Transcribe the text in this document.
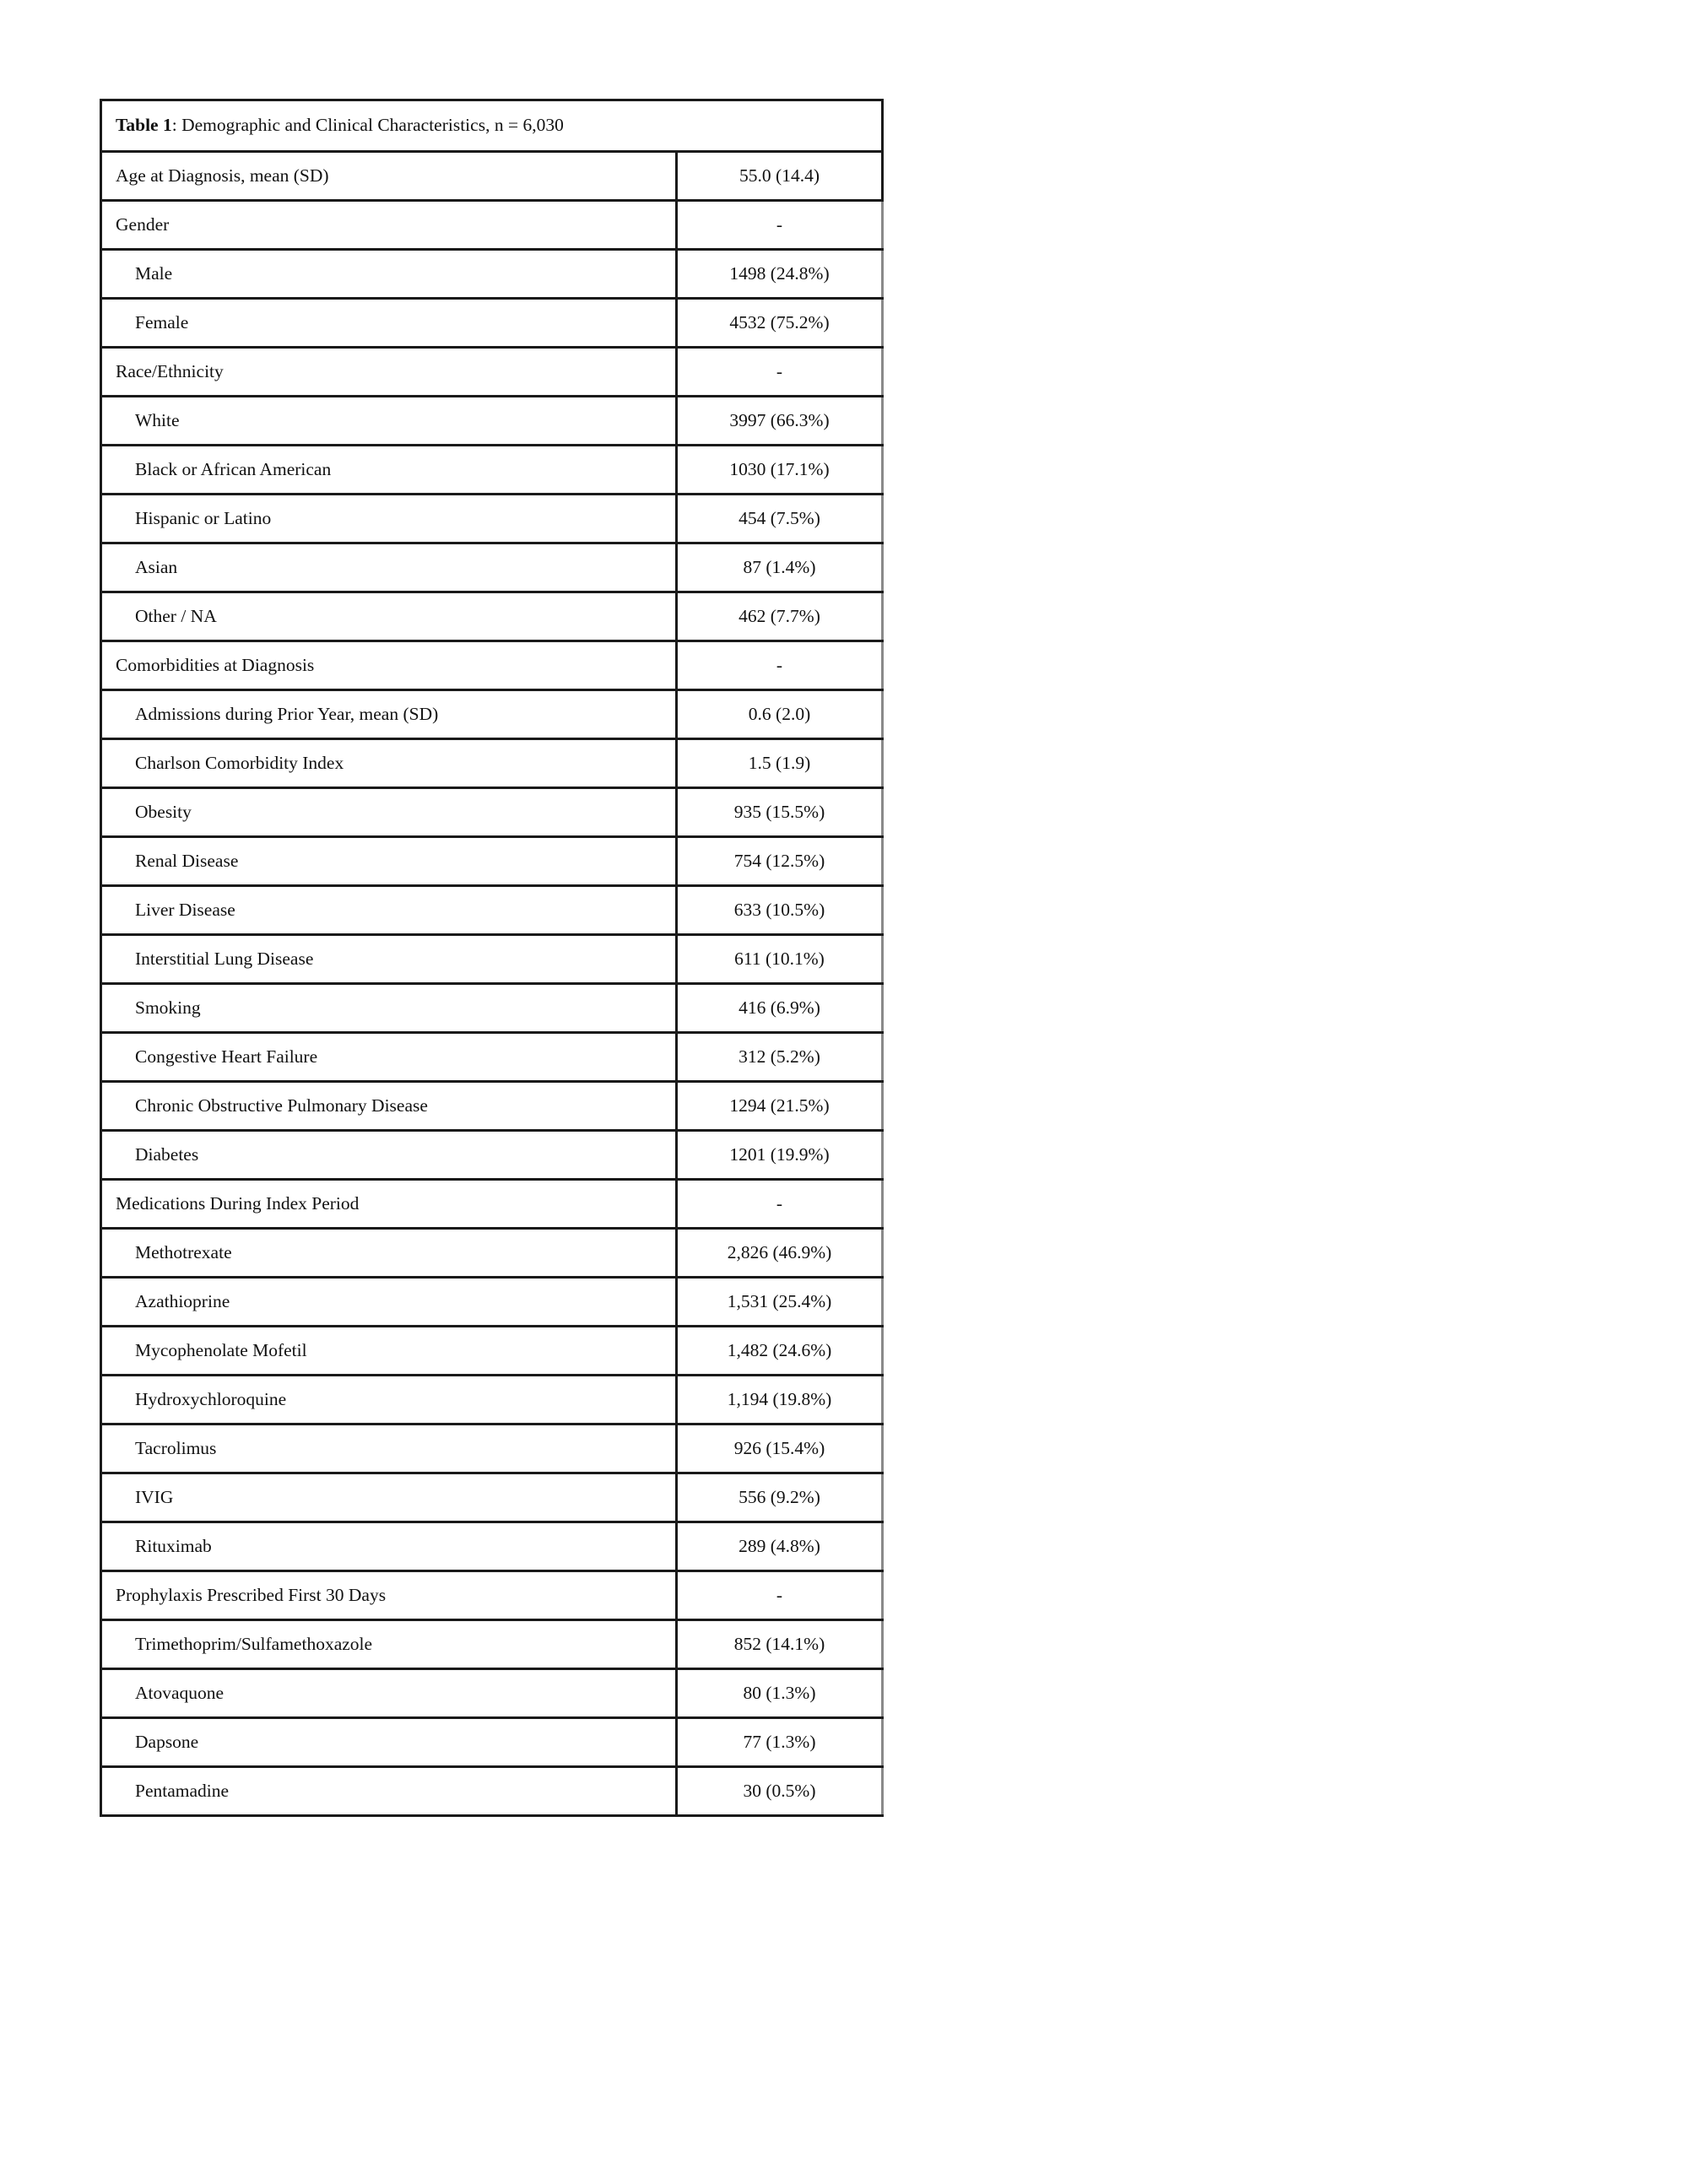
Table 1: Demographic and Clinical Characteristics, n = 6,030	
Age at Diagnosis, mean (SD)	55.0 (14.4)
Gender	-
Male	1498 (24.8%)
Female	4532 (75.2%)
Race/Ethnicity	-
White	3997 (66.3%)
Black or African American	1030 (17.1%)
Hispanic or Latino	454 (7.5%)
Asian	87 (1.4%)
Other / NA	462 (7.7%)
Comorbidities at Diagnosis	-
Admissions during Prior Year, mean (SD)	0.6 (2.0)
Charlson Comorbidity Index	1.5 (1.9)
Obesity	935 (15.5%)
Renal Disease	754 (12.5%)
Liver Disease	633 (10.5%)
Interstitial Lung Disease	611 (10.1%)
Smoking	416 (6.9%)
Congestive Heart Failure	312 (5.2%)
Chronic Obstructive Pulmonary Disease	1294 (21.5%)
Diabetes	1201 (19.9%)
Medications During Index Period	-
Methotrexate	2,826 (46.9%)
Azathioprine	1,531 (25.4%)
Mycophenolate Mofetil	1,482 (24.6%)
Hydroxychloroquine	1,194 (19.8%)
Tacrolimus	926 (15.4%)
IVIG	556 (9.2%)
Rituximab	289 (4.8%)
Prophylaxis Prescribed First 30 Days	-
Trimethoprim/Sulfamethoxazole	852 (14.1%)
Atovaquone	80 (1.3%)
Dapsone	77 (1.3%)
Pentamadine	30 (0.5%)
